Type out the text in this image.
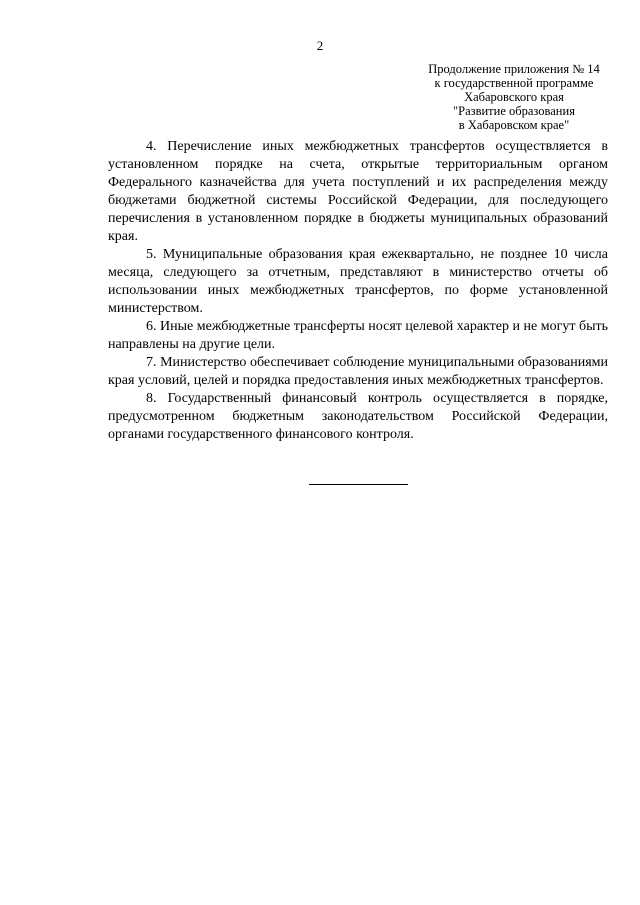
2
Продолжение приложения № 14
к государственной программе
Хабаровского края
"Развитие образования
в Хабаровском крае"

4. Перечисление иных межбюджетных трансфертов осуществляется в установленном порядке на счета, открытые территориальным органом Федерального казначейства для учета поступлений и их распределения между бюджетами бюджетной системы Российской Федерации, для последующего перечисления в установленном порядке в бюджеты муниципальных образований края.

5. Муниципальные образования края ежеквартально, не позднее 10 числа месяца, следующего за отчетным, представляют в министерство отчеты об использовании иных межбюджетных трансфертов, по форме установленной министерством.

6. Иные межбюджетные трансферты носят целевой характер и не могут быть направлены на другие цели.

7. Министерство обеспечивает соблюдение муниципальными образованиями края условий, целей и порядка предоставления иных межбюджетных трансфертов.

8. Государственный финансовый контроль осуществляется в порядке, предусмотренном бюджетным законодательством Российской Федерации, органами государственного финансового контроля.
